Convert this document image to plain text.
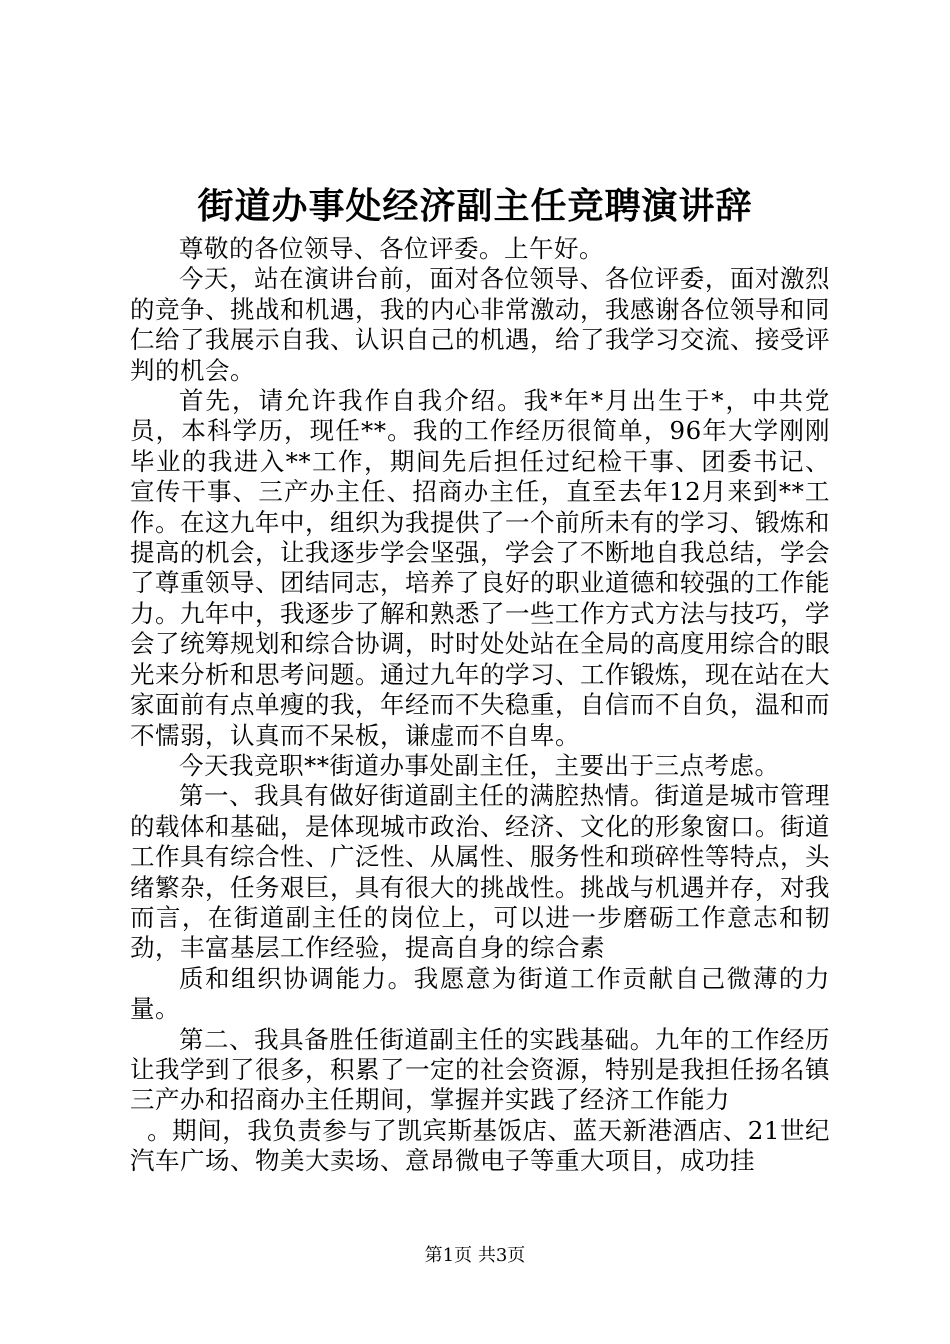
街道办事处经济副主任竞聘演讲辞

尊敬的各位领导、各位评委。上午好。

今天，站在演讲台前，面对各位领导、各位评委，面对激烈的竞争、挑战和机遇，我的内心非常激动，我感谢各位领导和同仁给了我展示自我、认识自己的机遇，给了我学习交流、接受评判的机会。

首先，请允许我作自我介绍。我*年*月出生于*，中共党员，本科学历，现任**。我的工作经历很简单，96年大学刚刚毕业的我进入**工作，期间先后担任过纪检干事、团委书记、宣传干事、三产办主任、招商办主任，直至去年12月来到**工作。在这九年中，组织为我提供了一个前所未有的学习、锻炼和提高的机会，让我逐步学会坚强，学会了不断地自我总结，学会了尊重领导、团结同志，培养了良好的职业道德和较强的工作能力。九年中，我逐步了解和熟悉了一些工作方式方法与技巧，学会了统筹规划和综合协调，时时处处站在全局的高度用综合的眼光来分析和思考问题。通过九年的学习、工作锻炼，现在站在大家面前有点单瘦的我，年经而不失稳重，自信而不自负，温和而不懦弱，认真而不呆板，谦虚而不自卑。

今天我竞职**街道办事处副主任，主要出于三点考虑。

第一、我具有做好街道副主任的满腔热情。街道是城市管理的载体和基础，是体现城市政治、经济、文化的形象窗口。街道工作具有综合性、广泛性、从属性、服务性和琐碎性等特点，头绪繁杂，任务艰巨，具有很大的挑战性。挑战与机遇并存，对我而言，在街道副主任的岗位上，可以进一步磨砺工作意志和韧劲，丰富基层工作经验，提高自身的综合素

质和组织协调能力。我愿意为街道工作贡献自己微薄的力量。

第二、我具备胜任街道副主任的实践基础。九年的工作经历让我学到了很多，积累了一定的社会资源，特别是我担任扬名镇三产办和招商办主任期间，掌握并实践了经济工作能力

。期间，我负责参与了凯宾斯基饭店、蓝天新港酒店、21世纪汽车广场、物美大卖场、意昂微电子等重大项目，成功挂

第1页 共3页
